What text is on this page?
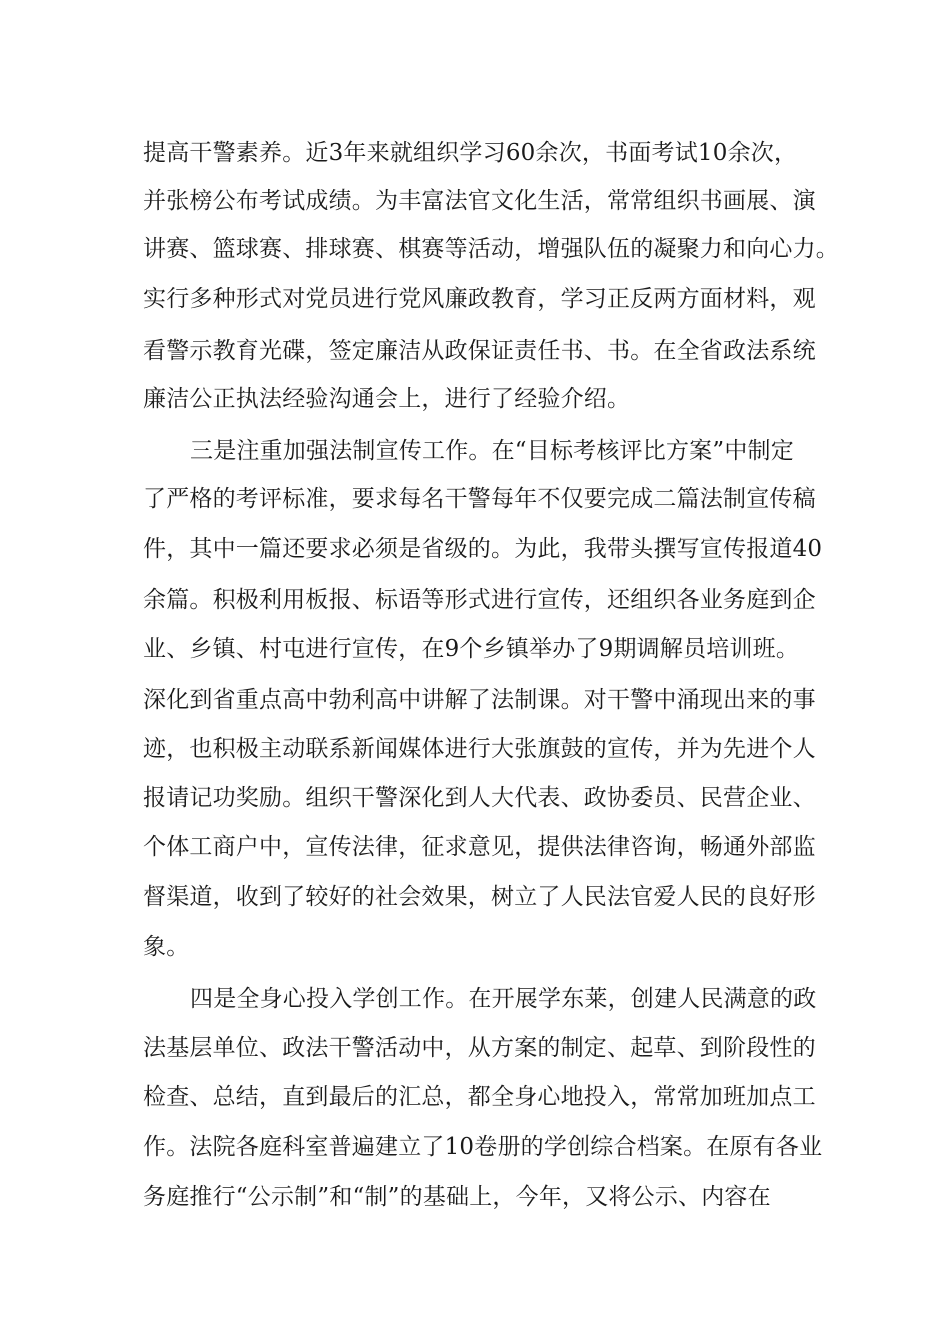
提高干警素养。近3年来就组织学习60余次，书面考试10余次，
并张榜公布考试成绩。为丰富法官文化生活，常常组织书画展、演
讲赛、篮球赛、排球赛、棋赛等活动，增强队伍的凝聚力和向心力。
实行多种形式对党员进行党风廉政教育，学习正反两方面材料，观
看警示教育光碟，签定廉洁从政保证责任书、书。在全省政法系统
廉洁公正执法经验沟通会上，进行了经验介绍。
三是注重加强法制宣传工作。在“目标考核评比方案”中制定
了严格的考评标准，要求每名干警每年不仅要完成二篇法制宣传稿
件，其中一篇还要求必须是省级的。为此，我带头撰写宣传报道40
余篇。积极利用板报、标语等形式进行宣传，还组织各业务庭到企
业、乡镇、村屯进行宣传，在9个乡镇举办了9期调解员培训班。
深化到省重点高中勃利高中讲解了法制课。对干警中涌现出来的事
迹，也积极主动联系新闻媒体进行大张旗鼓的宣传，并为先进个人
报请记功奖励。组织干警深化到人大代表、政协委员、民营企业、
个体工商户中，宣传法律，征求意见，提供法律咨询，畅通外部监
督渠道，收到了较好的社会效果，树立了人民法官爱人民的良好形
象。
四是全身心投入学创工作。在开展学东莱，创建人民满意的政
法基层单位、政法干警活动中，从方案的制定、起草、到阶段性的
检查、总结，直到最后的汇总，都全身心地投入，常常加班加点工
作。法院各庭科室普遍建立了10卷册的学创综合档案。在原有各业
务庭推行“公示制”和“制”的基础上，今年，又将公示、内容在
